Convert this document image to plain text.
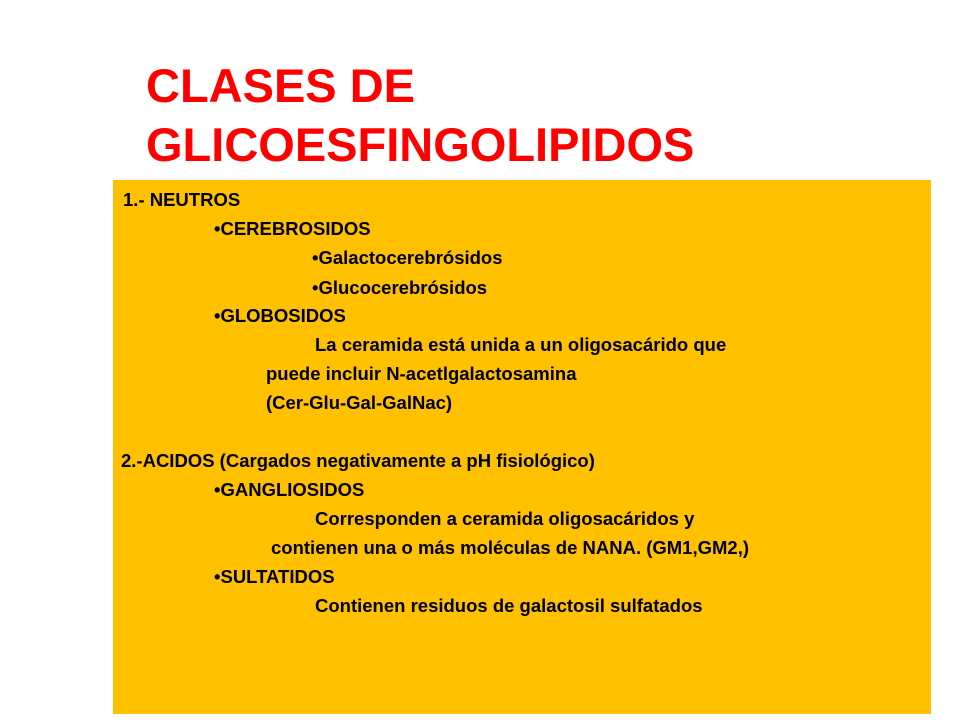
CLASES DE
GLICOESFINGOLIPIDOS
1.- NEUTROS
•CEREBROSIDOS
•Galactocerebrósidos
•Glucocerebrósidos
•GLOBOSIDOS
La ceramida está unida a un oligosacárido que
puede incluir N-acetlgalactosamina
(Cer-Glu-Gal-GalNac)
2.-ACIDOS (Cargados negativamente a pH fisiológico)
•GANGLIOSIDOS
Corresponden a ceramida oligosacáridos y
contienen una o más moléculas de NANA. (GM1,GM2,)
•SULTATIDOS
Contienen residuos de galactosil sulfatados
